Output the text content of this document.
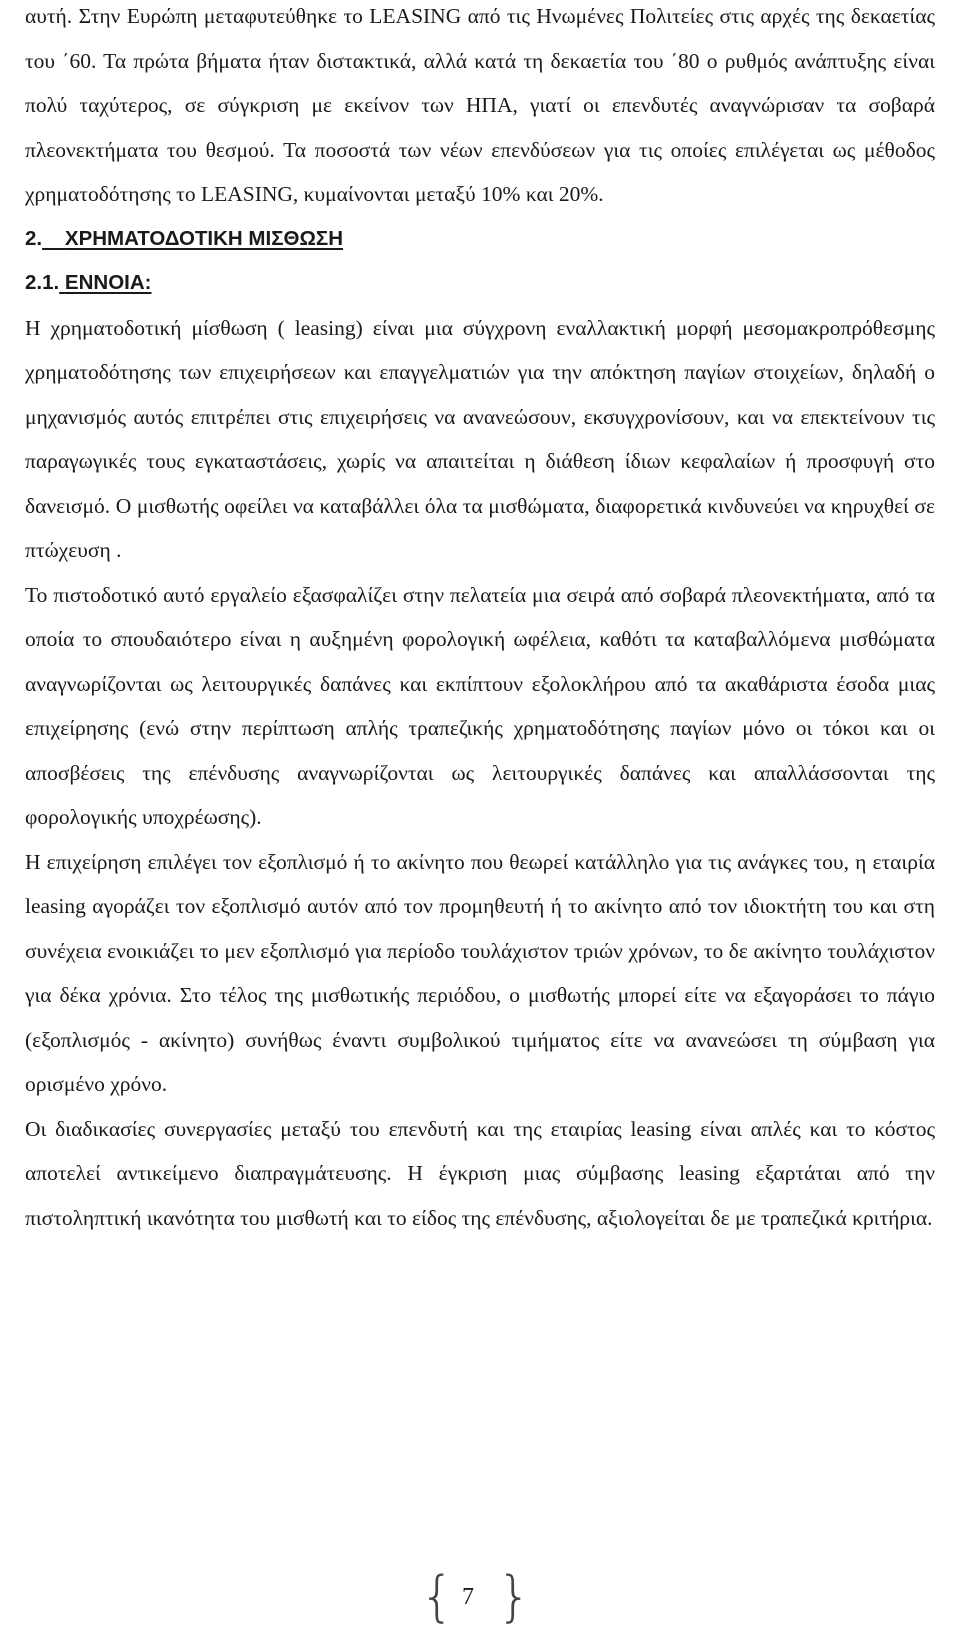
αυτή. Στην Ευρώπη μεταφυτεύθηκε το LEASING από τις Ηνωμένες Πολιτείες στις αρχές της δεκαετίας του ΄60. Τα πρώτα βήματα ήταν διστακτικά, αλλά κατά τη δεκαετία του ΄80 ο ρυθμός ανάπτυξης είναι πολύ ταχύτερος, σε σύγκριση με εκείνον των ΗΠΑ, γιατί οι επενδυτές αναγνώρισαν τα σοβαρά πλεονεκτήματα του θεσμού. Τα ποσοστά των νέων επενδύσεων για τις οποίες επιλέγεται ως μέθοδος χρηματοδότησης το LEASING, κυμαίνονται μεταξύ 10% και 20%.

2. ΧΡΗΜΑΤΟΔΟΤΙΚΗ ΜΙΣΘΩΣΗ
2.1. ΕΝΝΟΙΑ:

Η χρηματοδοτική μίσθωση ( leasing) είναι μια σύγχρονη εναλλακτική μορφή μεσομακροπρόθεσμης χρηματοδότησης των επιχειρήσεων και επαγγελματιών για την απόκτηση παγίων στοιχείων, δηλαδή ο μηχανισμός αυτός επιτρέπει στις επιχειρήσεις να ανανεώσουν, εκσυγχρονίσουν, και να επεκτείνουν τις παραγωγικές τους εγκαταστάσεις, χωρίς να απαιτείται η διάθεση ίδιων κεφαλαίων ή προσφυγή στο δανεισμό. Ο μισθωτής οφείλει να καταβάλλει όλα τα μισθώματα, διαφορετικά κινδυνεύει να κηρυχθεί σε πτώχευση .

Το πιστοδοτικό αυτό εργαλείο εξασφαλίζει στην πελατεία μια σειρά από σοβαρά πλεονεκτήματα, από τα οποία το σπουδαιότερο είναι η αυξημένη φορολογική ωφέλεια, καθότι τα καταβαλλόμενα μισθώματα αναγνωρίζονται ως λειτουργικές δαπάνες και εκπίπτουν εξολοκλήρου από τα ακαθάριστα έσοδα μιας επιχείρησης (ενώ στην περίπτωση απλής τραπεζικής χρηματοδότησης παγίων μόνο οι τόκοι και οι αποσβέσεις της επένδυσης αναγνωρίζονται ως λειτουργικές δαπάνες και απαλλάσσονται της φορολογικής υποχρέωσης).

Η επιχείρηση επιλέγει τον εξοπλισμό ή το ακίνητο που θεωρεί κατάλληλο για τις ανάγκες του, η εταιρία leasing αγοράζει τον εξοπλισμό αυτόν από τον προμηθευτή ή το ακίνητο από τον ιδιοκτήτη του και στη συνέχεια ενοικιάζει το μεν εξοπλισμό για περίοδο τουλάχιστον τριών χρόνων, το δε ακίνητο τουλάχιστον για δέκα χρόνια. Στο τέλος της μισθωτικής περιόδου, ο μισθωτής μπορεί είτε να εξαγοράσει το πάγιο (εξοπλισμός - ακίνητο) συνήθως έναντι συμβολικού τιμήματος είτε να ανανεώσει τη σύμβαση για ορισμένο χρόνο.

Οι διαδικασίες συνεργασίες μεταξύ του επενδυτή και της εταιρίας leasing είναι απλές και το κόστος αποτελεί αντικείμενο διαπραγμάτευσης. Η έγκριση μιας σύμβασης leasing εξαρτάται από την πιστοληπτική ικανότητα του μισθωτή και το είδος της επένδυσης, αξιολογείται δε με τραπεζικά κριτήρια.

{ 7 }
